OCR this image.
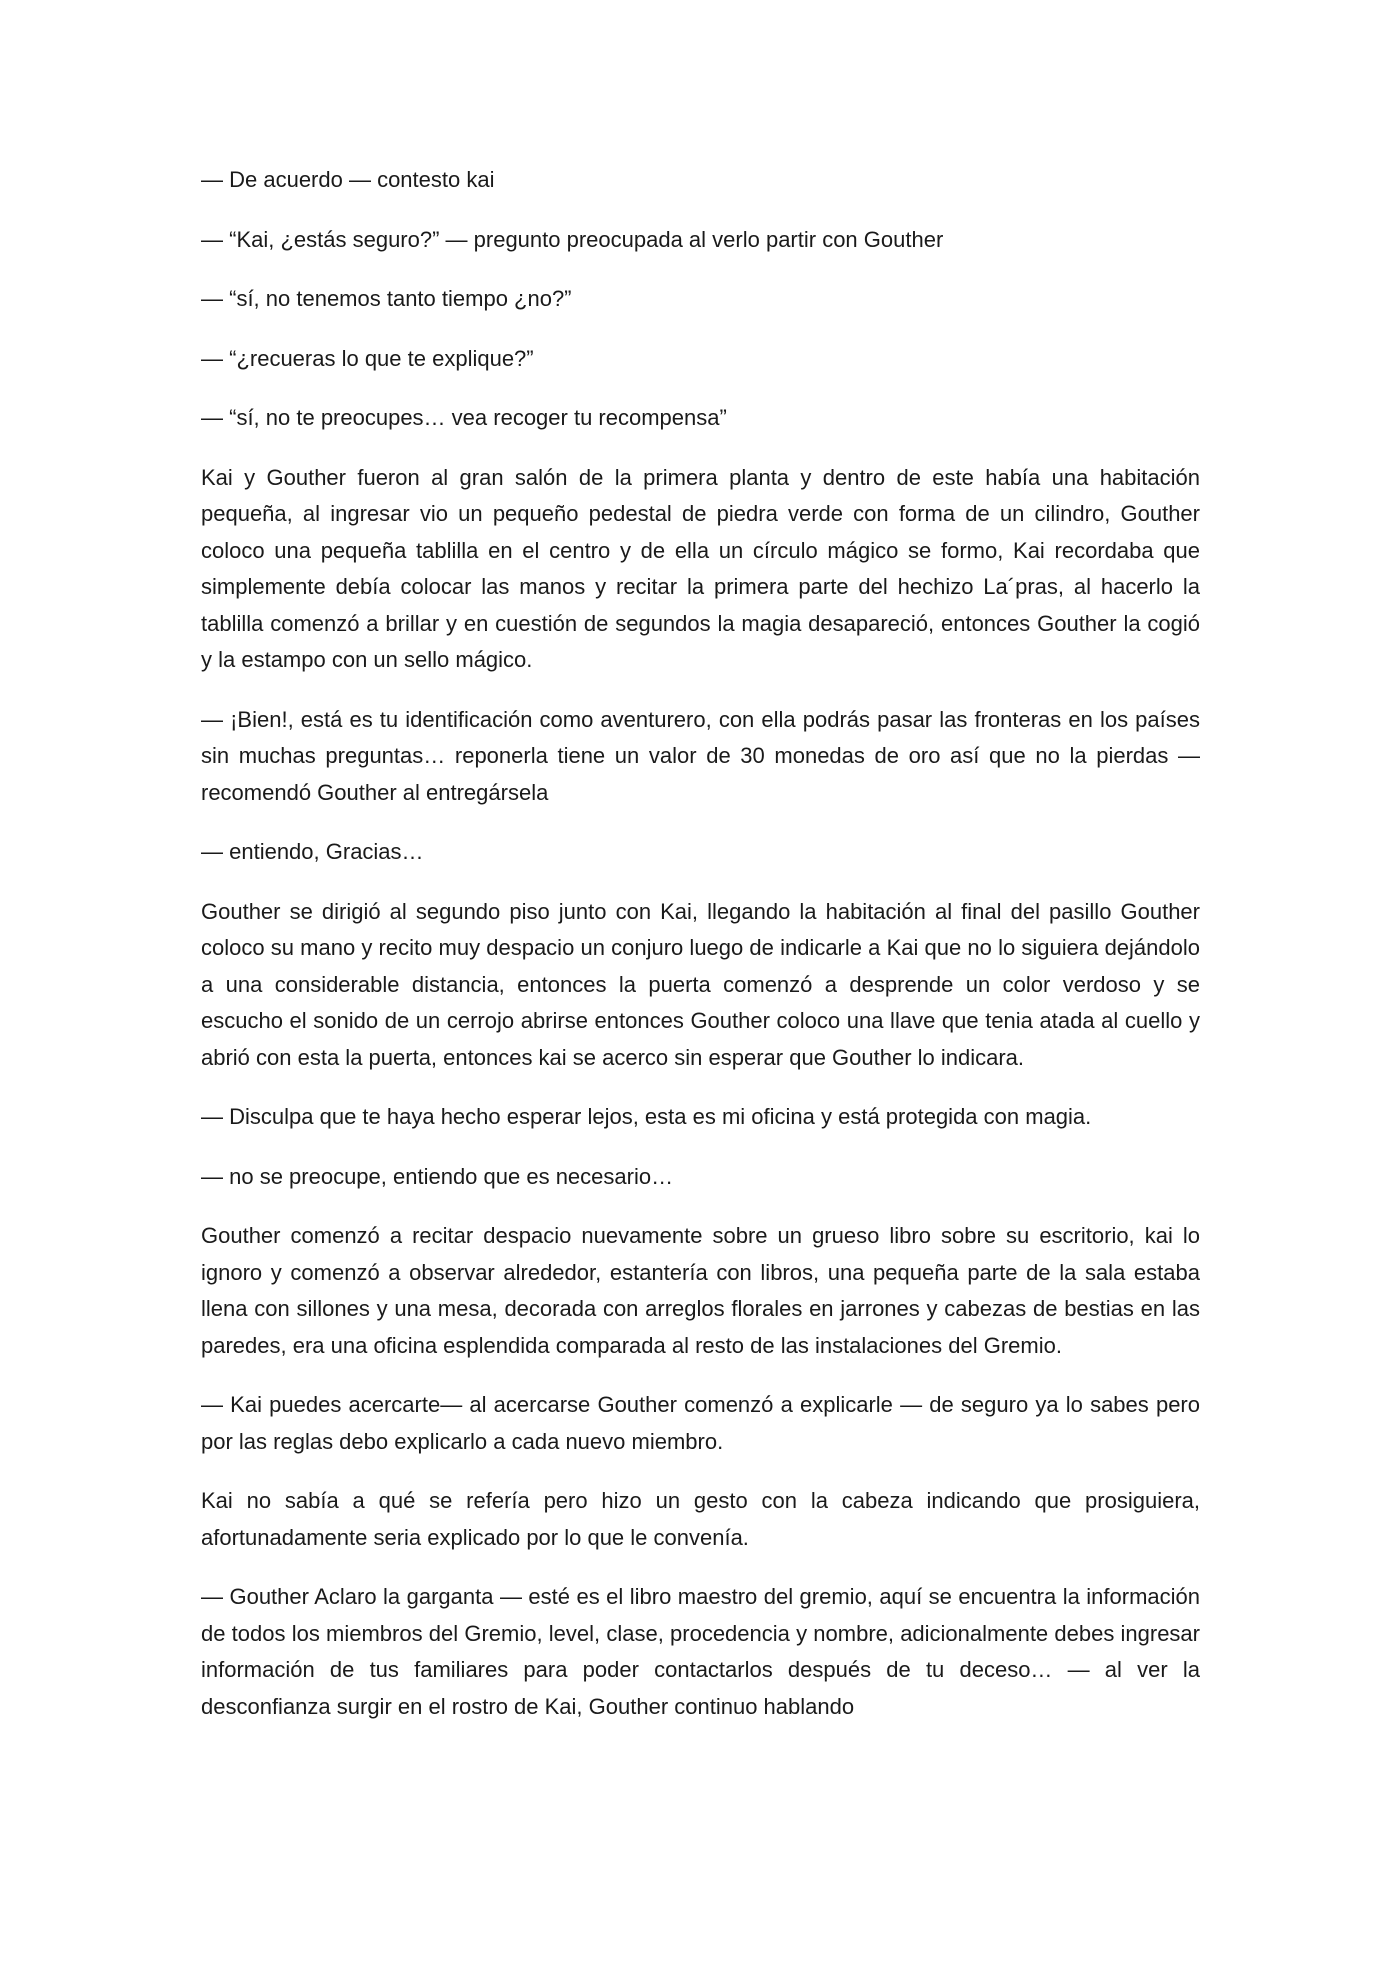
— De acuerdo — contesto kai

— “Kai, ¿estás seguro?” — pregunto preocupada al verlo partir con Gouther

— “sí, no tenemos tanto tiempo ¿no?”

— “¿recueras lo que te explique?”

— “sí, no te preocupes… vea recoger tu recompensa”

Kai y Gouther fueron al gran salón de la primera planta y dentro de este había una habitación pequeña, al ingresar vio un pequeño pedestal de piedra verde con forma de un cilindro, Gouther coloco una pequeña tablilla en el centro y de ella un círculo mágico se formo, Kai recordaba que simplemente debía colocar las manos y recitar la primera parte del hechizo La´pras, al hacerlo la tablilla comenzó a brillar y en cuestión de segundos la magia desapareció, entonces Gouther la cogió y la estampo con un sello mágico.

— ¡Bien!, está es tu identificación como aventurero, con ella podrás pasar las fronteras en los países sin muchas preguntas… reponerla tiene un valor de 30 monedas de oro así que no la pierdas — recomendó Gouther al entregársela

— entiendo, Gracias…

Gouther se dirigió al segundo piso junto con Kai, llegando la habitación al final del pasillo Gouther coloco su mano y recito muy despacio un conjuro luego de indicarle a Kai que no lo siguiera dejándolo a una considerable distancia, entonces la puerta comenzó a desprende un color verdoso y se escucho el sonido de un cerrojo abrirse entonces Gouther coloco una llave que tenia atada al cuello y abrió con esta la puerta, entonces kai se acerco sin esperar que Gouther lo indicara.

— Disculpa que te haya hecho esperar lejos, esta es mi oficina y está protegida con magia.

— no se preocupe, entiendo que es necesario…

Gouther comenzó a recitar despacio nuevamente sobre un grueso libro sobre su escritorio, kai lo ignoro y comenzó a observar alrededor, estantería con libros, una pequeña parte de la sala estaba llena con sillones y una mesa, decorada con arreglos florales en jarrones y cabezas de bestias en las paredes, era una oficina esplendida comparada al resto de las instalaciones del Gremio.

— Kai puedes acercarte— al acercarse Gouther comenzó a explicarle — de seguro ya lo sabes pero por las reglas debo explicarlo a cada nuevo miembro.

Kai no sabía a qué se refería pero hizo un gesto con la cabeza indicando que prosiguiera, afortunadamente seria explicado por lo que le convenía.

— Gouther Aclaro la garganta — esté es el libro maestro del gremio, aquí se encuentra la información de todos los miembros del Gremio, level, clase, procedencia y nombre, adicionalmente debes ingresar información de tus familiares para poder contactarlos después de tu deceso… — al ver la desconfianza surgir en el rostro de Kai, Gouther continuo hablando
